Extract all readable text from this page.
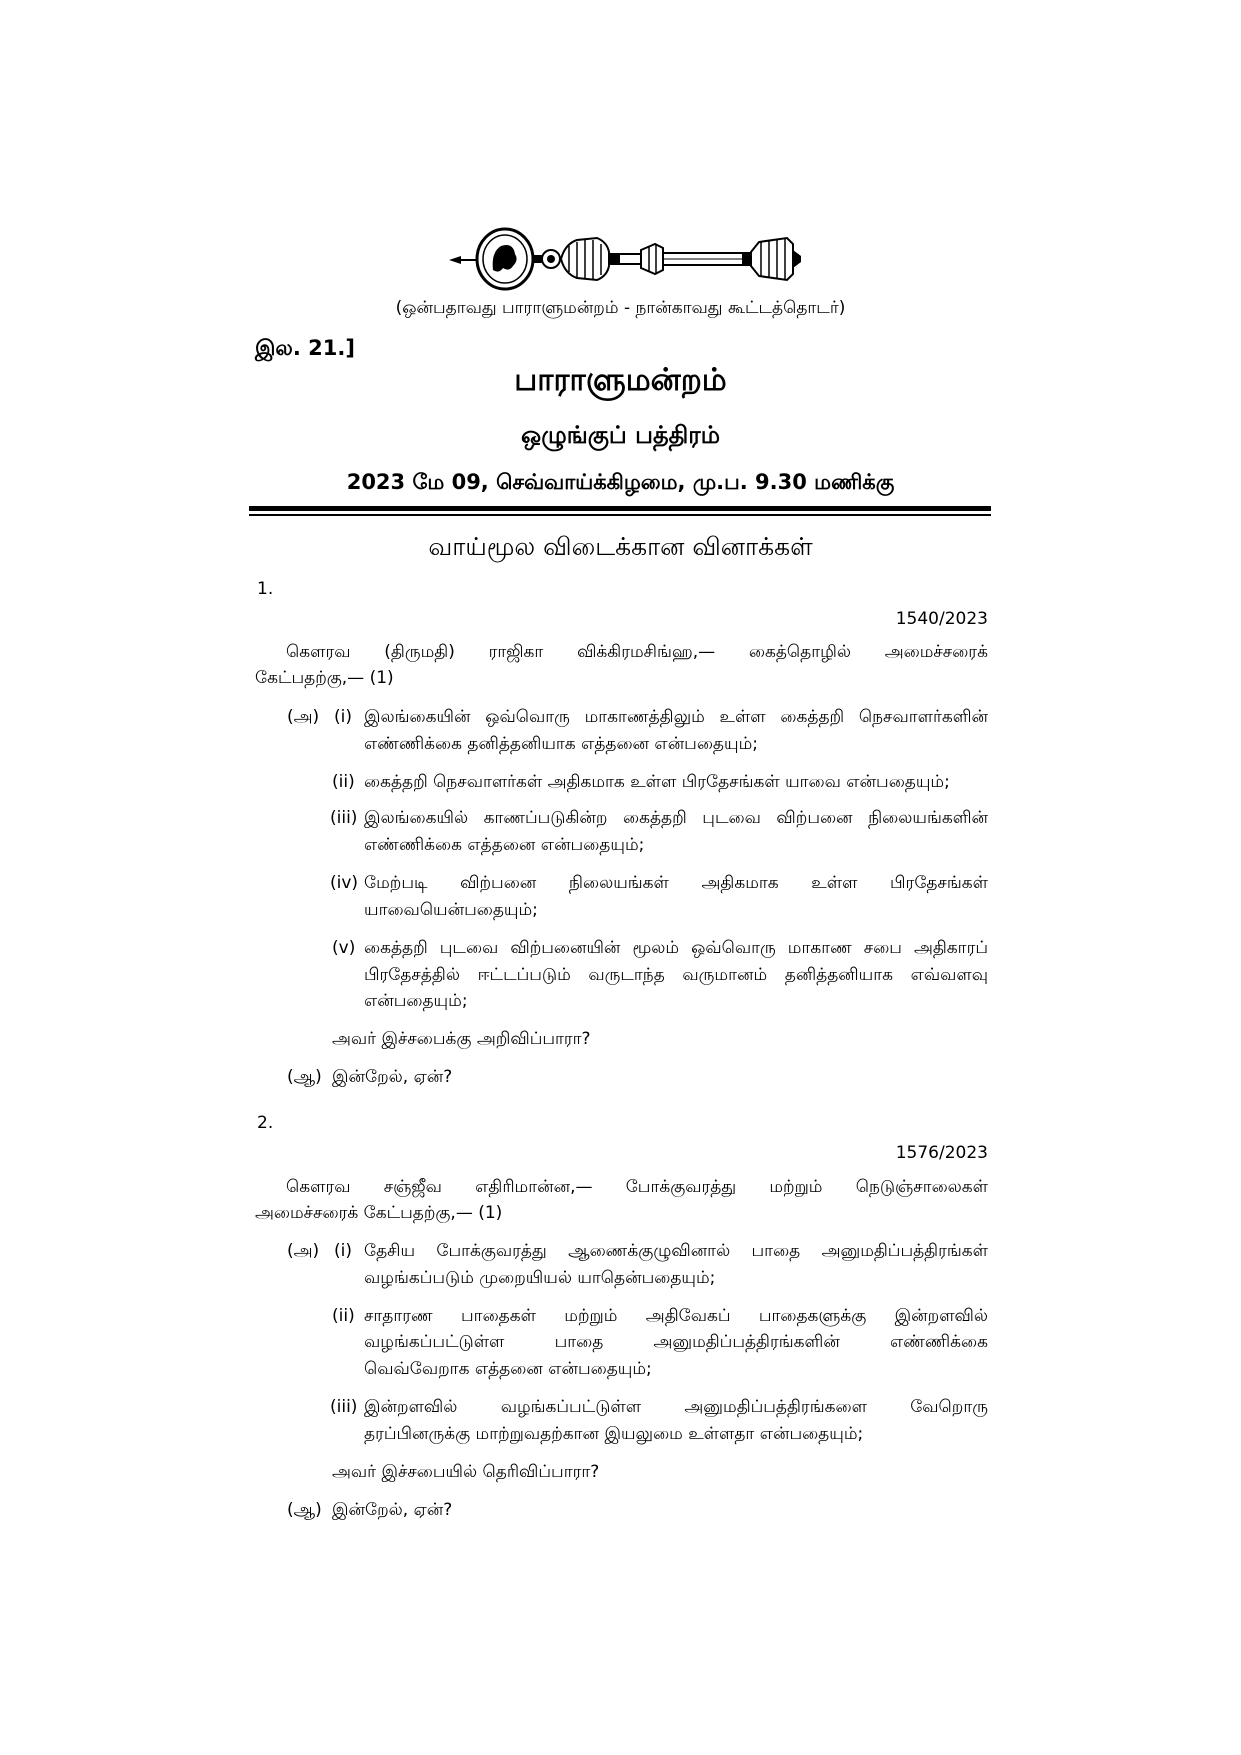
(ஒன்பதாவது பாராளுமன்றம் - நான்காவது கூட்டத்தொடர்)
இல. 21.]
பாராளுமன்றம்
ஒழுங்குப் பத்திரம்
2023 மே 09, செவ்வாய்க்கிழமை, மு.ப. 9.30 மணிக்கு
வாய்மூல விடைக்கான வினாக்கள்
1.
1540/2023
கௌரவ (திருமதி) ராஜிகா விக்கிரமசிங்ஹ,— கைத்தொழில் அமைச்சரைக்
கேட்பதற்கு,— (1)
(அ) (i) இலங்கையின் ஒவ்வொரு மாகாணத்திலும் உள்ள கைத்தறி நெசவாளர்களின்
எண்ணிக்கை தனித்தனியாக எத்தனை என்பதையும்;
(ii) கைத்தறி நெசவாளர்கள் அதிகமாக உள்ள பிரதேசங்கள் யாவை என்பதையும்;
(iii) இலங்கையில் காணப்படுகின்ற கைத்தறி புடவை விற்பனை நிலையங்களின்
எண்ணிக்கை எத்தனை என்பதையும்;
(iv) மேற்படி விற்பனை நிலையங்கள் அதிகமாக உள்ள பிரதேசங்கள்
யாவையென்பதையும்;
(v) கைத்தறி புடவை விற்பனையின் மூலம் ஒவ்வொரு மாகாண சபை அதிகாரப்
பிரதேசத்தில் ஈட்டப்படும் வருடாந்த வருமானம் தனித்தனியாக எவ்வளவு
என்பதையும்;
அவர் இச்சபைக்கு அறிவிப்பாரா?
(ஆ) இன்றேல், ஏன்?
2.
1576/2023
கௌரவ சஞ்ஜீவ எதிரிமான்ன,— போக்குவரத்து மற்றும் நெடுஞ்சாலைகள்
அமைச்சரைக் கேட்பதற்கு,— (1)
(அ) (i) தேசிய போக்குவரத்து ஆணைக்குழுவினால் பாதை அனுமதிப்பத்திரங்கள்
வழங்கப்படும் முறையியல் யாதென்பதையும்;
(ii) சாதாரண பாதைகள் மற்றும் அதிவேகப் பாதைகளுக்கு இன்றளவில்
வழங்கப்பட்டுள்ள பாதை அனுமதிப்பத்திரங்களின் எண்ணிக்கை
வெவ்வேறாக எத்தனை என்பதையும்;
(iii) இன்றளவில் வழங்கப்பட்டுள்ள அனுமதிப்பத்திரங்களை வேறொரு
தரப்பினருக்கு மாற்றுவதற்கான இயலுமை உள்ளதா என்பதையும்;
அவர் இச்சபையில் தெரிவிப்பாரா?
(ஆ) இன்றேல், ஏன்?
